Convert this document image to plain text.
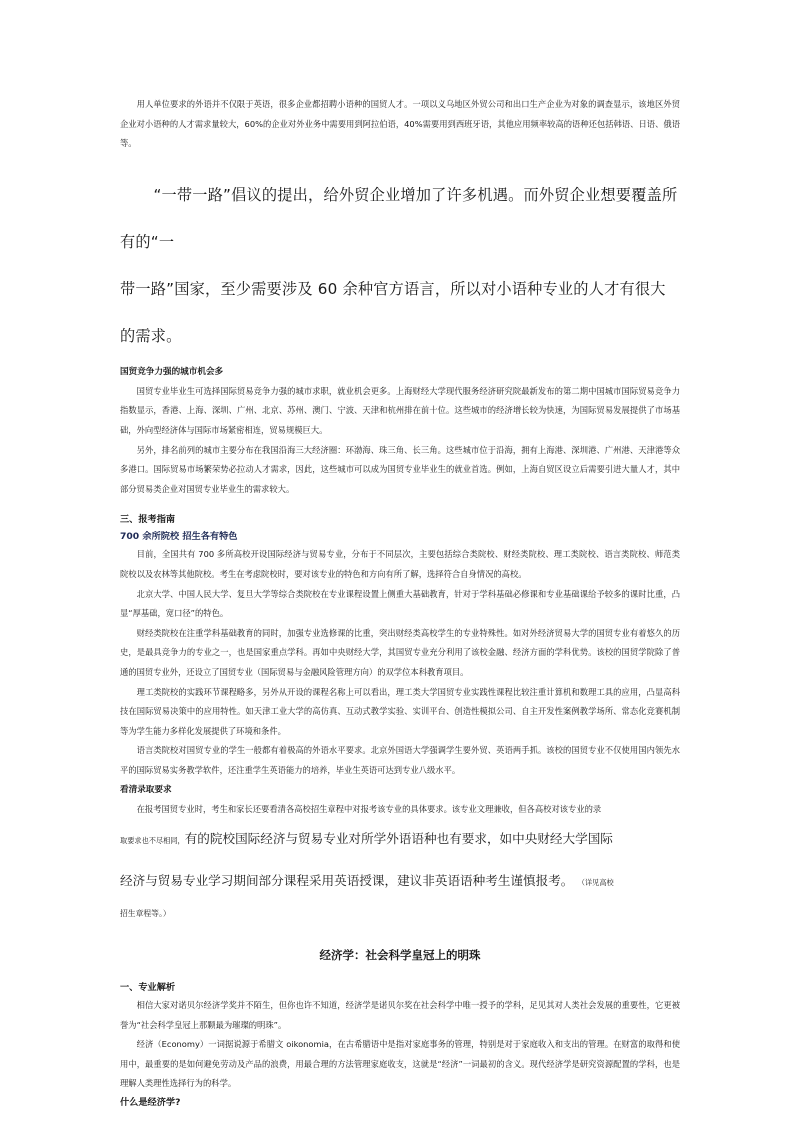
用人单位要求的外语并不仅限于英语，很多企业都招聘小语种的国贸人才。一项以义乌地区外贸公司和出口生产企业为对象的调查显示，该地区外贸企业对小语种的人才需求量较大，60%的企业对外业务中需要用到阿拉伯语，40%需要用到西班牙语，其他应用频率较高的语种还包括韩语、日语、俄语等。

“一带一路”倡议的提出，给外贸企业增加了许多机遇。而外贸企业想要覆盖所有的“一

带一路”国家，至少需要涉及 60 余种官方语言，所以对小语种专业的人才有很大的需求。

国贸竞争力强的城市机会多

国贸专业毕业生可选择国际贸易竞争力强的城市求职，就业机会更多。上海财经大学现代服务经济研究院最新发布的第二期中国城市国际贸易竞争力指数显示，香港、上海、深圳、广州、北京、苏州、澳门、宁波、天津和杭州排在前十位。这些城市的经济增长较为快速，为国际贸易发展提供了市场基础，外向型经济体与国际市场紧密相连，贸易规模巨大。

另外，排名前列的城市主要分布在我国沿海三大经济圈：环渤海、珠三角、长三角。这些城市位于沿海，拥有上海港、深圳港、广州港、天津港等众多港口。国际贸易市场繁荣势必拉动人才需求，因此，这些城市可以成为国贸专业毕业生的就业首选。例如，上海自贸区设立后需要引进大量人才，其中部分贸易类企业对国贸专业毕业生的需求较大。

三、报考指南

700 余所院校 招生各有特色

目前，全国共有 700 多所高校开设国际经济与贸易专业，分布于不同层次，主要包括综合类院校、财经类院校、理工类院校、语言类院校、师范类院校以及农林等其他院校。考生在考虑院校时，要对该专业的特色和方向有所了解，选择符合自身情况的高校。

北京大学、中国人民大学、复旦大学等综合类院校在专业课程设置上侧重大基础教育，针对于学科基础必修课和专业基础课给予较多的课时比重，凸显“厚基础，宽口径”的特色。

财经类院校在注重学科基础教育的同时，加强专业选修课的比重，突出财经类高校学生的专业特殊性。如对外经济贸易大学的国贸专业有着悠久的历史，是最具竞争力的专业之一，也是国家重点学科。再如中央财经大学，其国贸专业充分利用了该校金融、经济方面的学科优势。该校的国贸学院除了普通的国贸专业外，还设立了国贸专业（国际贸易与金融风险管理方向）的双学位本科教育项目。

理工类院校的实践环节课程略多，另外从开设的课程名称上可以看出，理工类大学国贸专业实践性课程比较注重计算机和数理工具的应用，凸显高科技在国际贸易决策中的应用特性。如天津工业大学的高仿真、互动式教学实验、实训平台、创造性模拟公司、自主开发性案例教学场所、常态化竞赛机制等为学生能力多样化发展提供了环境和条件。

语言类院校对国贸专业的学生一般都有着极高的外语水平要求。北京外国语大学强调学生要外贸、英语两手抓。该校的国贸专业不仅使用国内领先水平的国际贸易实务教学软件，还注重学生英语能力的培养，毕业生英语可达到专业八级水平。

看清录取要求

在报考国贸专业时，考生和家长还要看清各高校招生章程中对报考该专业的具体要求。该专业文理兼收，但各高校对该专业的录

取要求也不尽相同，有的院校国际经济与贸易专业对所学外语语种也有要求，如中央财经大学国际

经济与贸易专业学习期间部分课程采用英语授课，建议非英语语种考生谨慎报考。 （详见高校

招生章程等。）

经济学：社会科学皇冠上的明珠

一、专业解析

相信大家对诺贝尔经济学奖并不陌生，但你也许不知道，经济学是诺贝尔奖在社会科学中唯一授予的学科，足见其对人类社会发展的重要性，它更被誉为“社会科学皇冠上那颗最为璀璨的明珠”。

经济（Economy）一词据说源于希腊文 oikonomia，在古希腊语中是指对家庭事务的管理，特别是对于家庭收入和支出的管理。在财富的取得和使用中，最重要的是如何避免劳动及产品的浪费，用最合理的方法管理家庭收支，这就是“经济”一词最初的含义。现代经济学是研究资源配置的学科，也是理解人类理性选择行为的科学。

什么是经济学?
